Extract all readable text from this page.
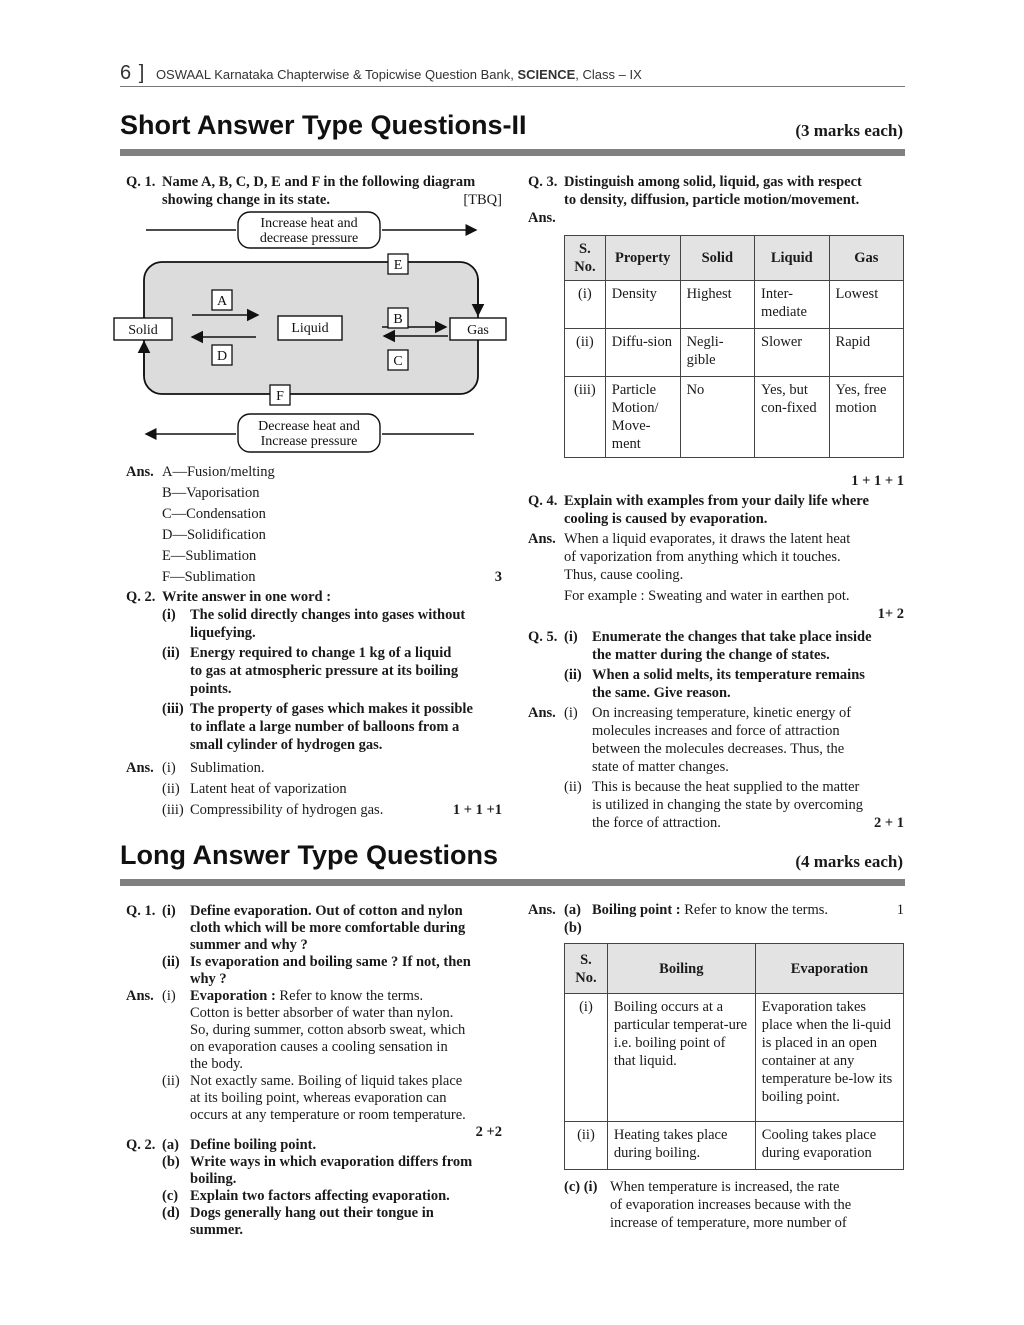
6 ] OSWAAL Karnataka Chapterwise & Topicwise Question Bank, SCIENCE, Class – IX
Short Answer Type Questions-II	(3 marks each)
Q. 1. Name A, B, C, D, E and F in the following diagram
showing change in its state.	[TBQ]
Increase heat and
decrease pressure
Solid	Liquid	Gas
A
D
B
C
E
F
Decrease heat and
Increase pressure
Ans. A—Fusion/melting
B—Vaporisation
C—Condensation
D—Solidification
E—Sublimation
F—Sublimation	3
Q. 2. Write answer in one word :
(i) The solid directly changes into gases without
liquefying.
(ii) Energy required to change 1 kg of a liquid
to gas at atmospheric pressure at its boiling
points.
(iii) The property of gases which makes it possible
to inflate a large number of balloons from a
small cylinder of hydrogen gas.
Ans. (i) Sublimation.
(ii) Latent heat of vaporization
(iii) Compressibility of hydrogen gas.	1 + 1 +1
Q. 3. Distinguish among solid, liquid, gas with respect
to density, diffusion, particle motion/movement.
Ans.
S. No.	Property	Solid	Liquid	Gas
(i)	Density	Highest	Inter-mediate	Lowest
(ii)	Diffu-sion	Negli-gible	Slower	Rapid
(iii)	Particle Motion/ Move-ment	No	Yes, but con-fixed	Yes, free motion
1 + 1 + 1
Q. 4. Explain with examples from your daily life where
cooling is caused by evaporation.
Ans. When a liquid evaporates, it draws the latent heat
of vaporization from anything which it touches.
Thus, cause cooling.
For example : Sweating and water in earthen pot.
1+ 2
Q. 5. (i) Enumerate the changes that take place inside
the matter during the change of states.
(ii) When a solid melts, its temperature remains
the same. Give reason.
Ans. (i) On increasing temperature, kinetic energy of
molecules increases and force of attraction
between the molecules decreases. Thus, the
state of matter changes.
(ii) This is because the heat supplied to the matter
is utilized in changing the state by overcoming
the force of attraction.	2 + 1
Long Answer Type Questions	(4 marks each)
Q. 1. (i) Define evaporation. Out of cotton and nylon
cloth which will be more comfortable during
summer and why ?
(ii) Is evaporation and boiling same ? If not, then
why ?
Ans. (i) Evaporation : Refer to know the terms.
Cotton is better absorber of water than nylon.
So, during summer, cotton absorb sweat, which
on evaporation causes a cooling sensation in
the body.
(ii) Not exactly same. Boiling of liquid takes place
at its boiling point, whereas evaporation can
occurs at any temperature or room temperature.
2 +2
Q. 2. (a) Define boiling point.
(b) Write ways in which evaporation differs from
boiling.
(c) Explain two factors affecting evaporation.
(d) Dogs generally hang out their tongue in
summer.
Ans. (a) Boiling point : Refer to know the terms.	1
(b)
S. No.	Boiling	Evaporation
(i)	Boiling occurs at a particular temperat-ure i.e. boiling point of that liquid.	Evaporation takes place when the li-quid is placed in an open container at any temperature be-low its boiling point.
(ii)	Heating takes place during boiling.	Cooling takes place during evaporation
(c) (i) When temperature is increased, the rate
of evaporation increases because with the
increase of temperature, more number of
